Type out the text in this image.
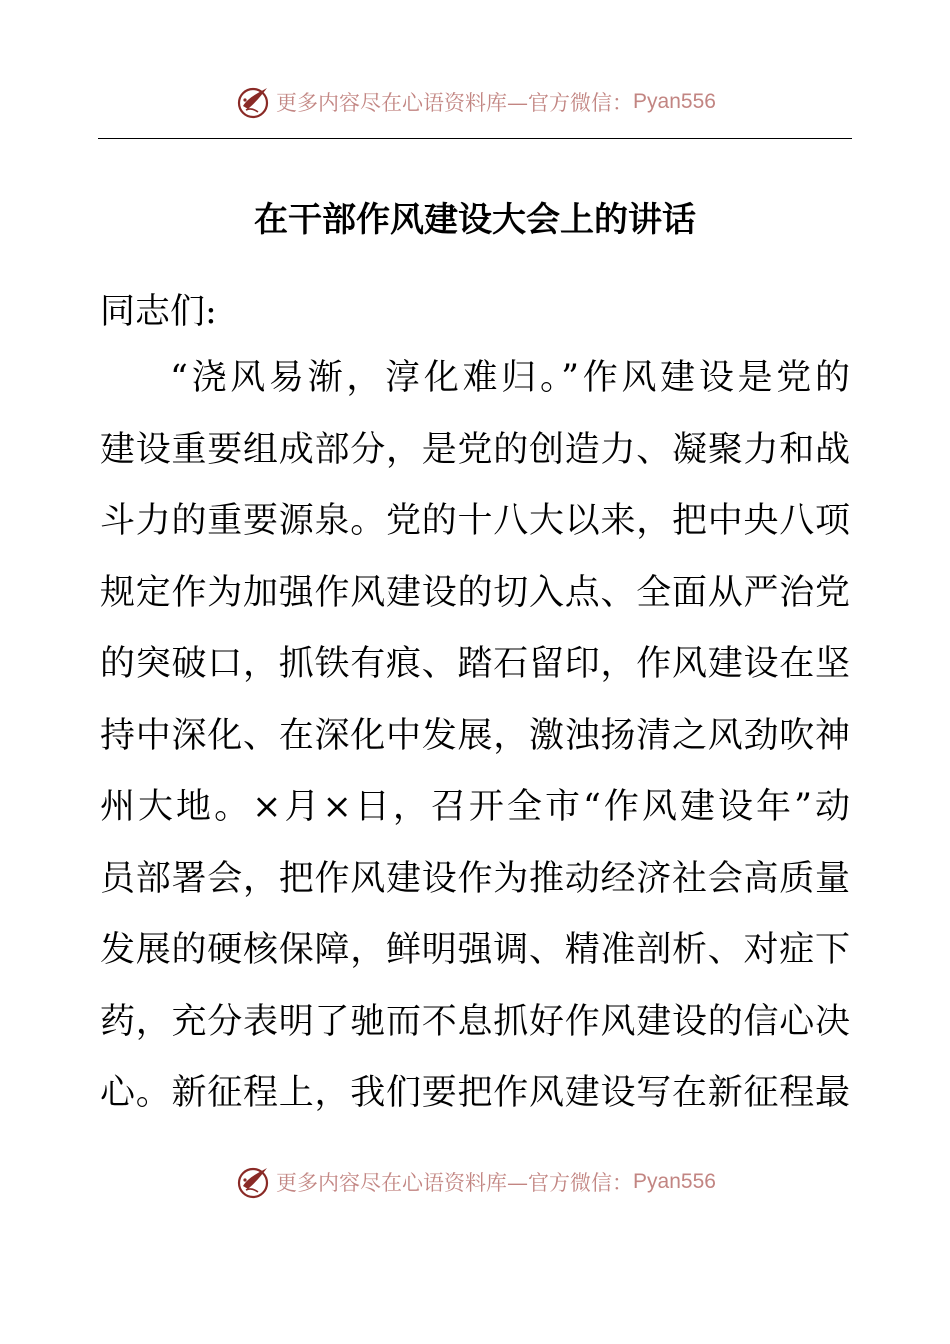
更多内容尽在心语资料库—官方微信： Pyan556
在干部作风建设大会上的讲话
同志们:
“浇风易渐，淳化难归。”作风建设是党的
建设重要组成部分，是党的创造力、凝聚力和战
斗力的重要源泉。党的十八大以来，把中央八项
规定作为加强作风建设的切入点、全面从严治党
的突破口，抓铁有痕、踏石留印，作风建设在坚
持中深化、在深化中发展，激浊扬清之风劲吹神
州大地。×月×日，召开全市“作风建设年”动
员部署会，把作风建设作为推动经济社会高质量
发展的硬核保障，鲜明强调、精准剖析、对症下
药，充分表明了驰而不息抓好作风建设的信心决
心。新征程上，我们要把作风建设写在新征程最
更多内容尽在心语资料库—官方微信： Pyan556
